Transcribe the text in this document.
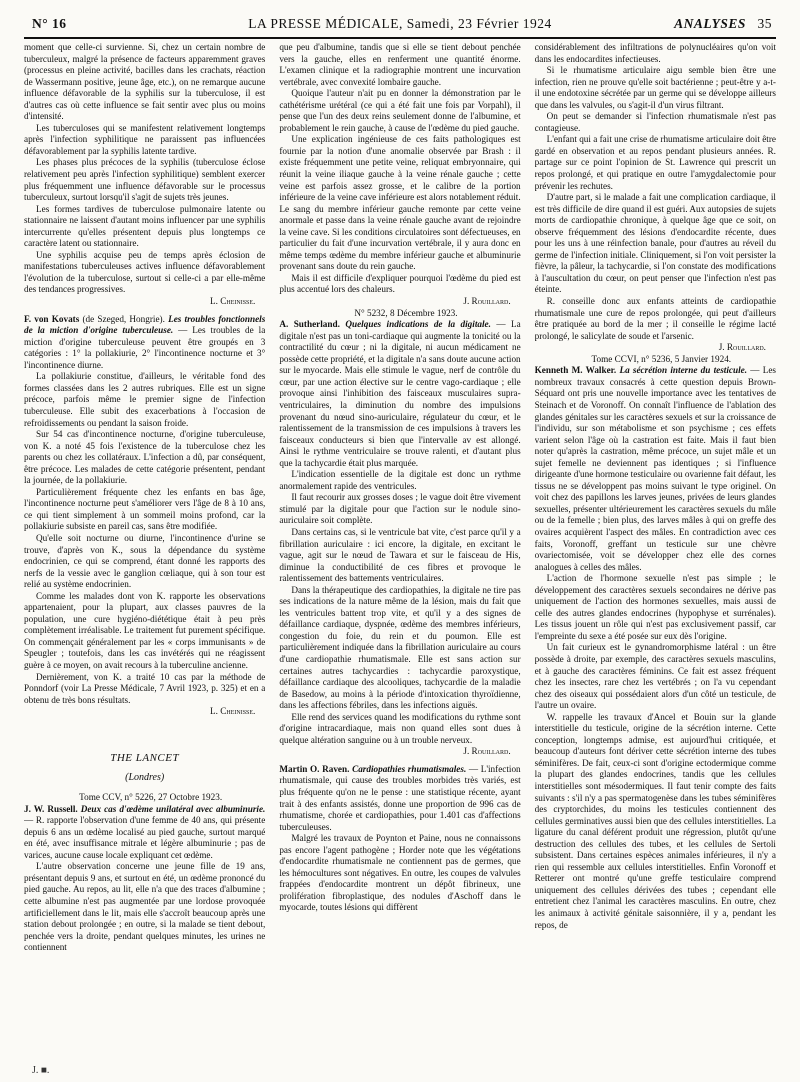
N° 16	LA PRESSE MÉDICALE, Samedi, 23 Février 1924	ANALYSES 35

moment que celle-ci survienne. Si, chez un certain nombre de tuberculeux, malgré la présence de facteurs apparemment graves (processus en pleine activité, bacilles dans les crachats, réaction de Wassermann positive, jeune âge, etc.), on ne remarque aucune influence défavorable de la syphilis sur la tuberculose, il est d'autres cas où cette influence se fait sentir avec plus ou moins d'intensité.

Les tuberculoses qui se manifestent relativement longtemps après l'infection syphilitique ne paraissent pas influencées défavorablement par la syphilis latente tardive.

Les phases plus précoces de la syphilis (tuberculose éclose relativement peu après l'infection syphilitique) semblent exercer plus fréquemment une influence défavorable sur le processus tuberculeux, surtout lorsqu'il s'agit de sujets très jeunes.

Les formes tardives de tuberculose pulmonaire latente ou stationnaire ne laissent d'autant moins influencer par une syphilis intercurrente qu'elles présentent depuis plus longtemps ce caractère latent ou stationnaire.

Une syphilis acquise peu de temps après éclosion de manifestations tuberculeuses actives influence défavorablement l'évolution de la tuberculose, surtout si celle-ci a par elle-même des tendances progressives.

L. Cheinisse.

F. von Kovats (de Szeged, Hongrie). Les troubles fonctionnels de la miction d'origine tuberculeuse. — Les troubles de la miction d'origine tuberculeuse peuvent être groupés en 3 catégories : 1° la pollakiurie, 2° l'incontinence nocturne et 3° l'incontinence diurne.

La pollakiurie constitue, d'ailleurs, le véritable fond des formes classées dans les 2 autres rubriques. Elle est un signe précoce, parfois même le premier signe de l'infection tuberculeuse. Elle subit des exacerbations à l'occasion de refroidissements ou pendant la saison froide.

Sur 54 cas d'incontinence nocturne, d'origine tuberculeuse, von K. a noté 45 fois l'existence de la tuberculose chez les parents ou chez les collatéraux. L'infection a dû, par conséquent, être précoce. Les malades de cette catégorie présentent, pendant la journée, de la pollakiurie.

Particulièrement fréquente chez les enfants en bas âge, l'incontinence nocturne peut s'améliorer vers l'âge de 8 à 10 ans, ce qui tient simplement à un sommeil moins profond, car la pollakiurie subsiste en pareil cas, sans être modifiée.

Qu'elle soit nocturne ou diurne, l'incontinence d'urine se trouve, d'après von K., sous la dépendance du système endocrinien, ce qui se comprend, étant donné les rapports des nerfs de la vessie avec le ganglion cœliaque, qui à son tour est relié au système endocrinien.

Comme les malades dont von K. rapporte les observations appartenaient, pour la plupart, aux classes pauvres de la population, une cure hygiéno-diététique était à peu près complètement irréalisable. Le traitement fut purement spécifique. On commençait généralement par les « corps immunisants » de Speugler ; toutefois, dans les cas invétérés qui ne réagissent guère à ce moyen, on avait recours à la tuberculine ancienne.

Dernièrement, von K. a traité 10 cas par la méthode de Ponndorf (voir La Presse Médicale, 7 Avril 1923, p. 325) et en a obtenu de très bons résultats.

L. Cheinisse.

THE LANCET
(Londres)

Tome CCV, n° 5226, 27 Octobre 1923.

J. W. Russell. Deux cas d'œdème unilatéral avec albuminurie. — R. rapporte l'observation d'une femme de 40 ans, qui présente depuis 6 ans un œdème localisé au pied gauche, surtout marqué en été, avec insuffisance mitrale et légère albuminurie ; pas de varices, aucune cause locale expliquant cet œdème.

L'autre observation concerne une jeune fille de 19 ans, présentant depuis 9 ans, et surtout en été, un œdème prononcé du pied gauche. Au repos, au lit, elle n'a que des traces d'albumine ; cette albumine n'est pas augmentée par une lordose provoquée artificiellement dans le lit, mais elle s'accroît beaucoup après une station debout prolongée ; en outre, si la malade se tient debout, penchée vers la droite, pendant quelques minutes, les urines ne contiennent

que peu d'albumine, tandis que si elle se tient debout penchée vers la gauche, elles en renferment une quantité énorme. L'examen clinique et la radiographie montrent une incurvation vertébrale, avec convexité lombaire gauche.

Quoique l'auteur n'ait pu en donner la démonstration par le cathétérisme urétéral (ce qui a été fait une fois par Vorpahl), il pense que l'un des deux reins seulement donne de l'albumine, et probablement le rein gauche, à cause de l'œdème du pied gauche.

Une explication ingénieuse de ces faits pathologiques est fournie par la notion d'une anomalie observée par Brash : il existe fréquemment une petite veine, reliquat embryonnaire, qui réunit la veine iliaque gauche à la veine rénale gauche ; cette veine est parfois assez grosse, et le calibre de la portion inférieure de la veine cave inférieure est alors notablement réduit. Le sang du membre inférieur gauche remonte par cette veine anormale et passe dans la veine rénale gauche avant de rejoindre la veine cave. Si les conditions circulatoires sont défectueuses, en particulier du fait d'une incurvation vertébrale, il y aura donc en même temps œdème du membre inférieur gauche et albuminurie provenant sans doute du rein gauche.

Mais il est difficile d'expliquer pourquoi l'œdème du pied est plus accentué lors des chaleurs.

J. Rouillard.

N° 5232, 8 Décembre 1923.

A. Sutherland. Quelques indications de la digitale. — La digitale n'est pas un toni-cardiaque qui augmente la tonicité ou la contractilité du cœur ; ni la digitale, ni aucun médicament ne possède cette propriété, et la digitale n'a sans doute aucune action sur le myocarde. Mais elle stimule le vague, nerf de contrôle du cœur, par une action élective sur le centre vago-cardiaque ; elle provoque ainsi l'inhibition des faisceaux musculaires supra-ventriculaires, la diminution du nombre des impulsions provenant du nœud sino-auriculaire, régulateur du cœur, et le ralentissement de la transmission de ces impulsions à travers les faisceaux conducteurs si bien que l'intervalle av est allongé. Ainsi le rythme ventriculaire se trouve ralenti, et d'autant plus que la tachycardie était plus marquée.

L'indication essentielle de la digitale est donc un rythme anormalement rapide des ventricules.

Il faut recourir aux grosses doses ; le vague doit être vivement stimulé par la digitale pour que l'action sur le nodule sino-auriculaire soit complète.

Dans certains cas, si le ventricule bat vite, c'est parce qu'il y a fibrillation auriculaire : ici encore, la digitale, en excitant le vague, agit sur le nœud de Tawara et sur le faisceau de His, diminue la conductibilité de ces fibres et provoque le ralentissement des battements ventriculaires.

Dans la thérapeutique des cardiopathies, la digitale ne tire pas ses indications de la nature même de la lésion, mais du fait que les ventricules battent trop vite, et qu'il y a des signes de défaillance cardiaque, dyspnée, œdème des membres inférieurs, congestion du foie, du rein et du poumon. Elle est particulièrement indiquée dans la fibrillation auriculaire au cours d'une cardiopathie rhumatismale. Elle est sans action sur certaines autres tachycardies : tachycardie paroxystique, défaillance cardiaque des alcooliques, tachycardie de la maladie de Basedow, au moins à la période d'intoxication thyroïdienne, dans les affections fébriles, dans les infections aiguës.

Elle rend des services quand les modifications du rythme sont d'origine intracardiaque, mais non quand elles sont dues à quelque altération sanguine ou à un trouble nerveux.

J. Rouillard.

Martin O. Raven. Cardiopathies rhumatismales. — L'infection rhumatismale, qui cause des troubles morbides très variés, est plus fréquente qu'on ne le pense : une statistique récente, ayant trait à des enfants assistés, donne une proportion de 996 cas de rhumatisme, chorée et cardiopathies, pour 1.401 cas d'affections tuberculeuses.

Malgré les travaux de Poynton et Paine, nous ne connaissons pas encore l'agent pathogène ; Horder note que les végétations d'endocardite rhumatismale ne contiennent pas de germes, que les hémocultures sont négatives. En outre, les coupes de valvules frappées d'endocardite montrent un dépôt fibrineux, une prolifération fibroplastique, des nodules d'Aschoff dans le myocarde, toutes lésions qui diffèrent

considérablement des infiltrations de polynucléaires qu'on voit dans les endocardites infectieuses.

Si le rhumatisme articulaire aigu semble bien être une infection, rien ne prouve qu'elle soit bactérienne ; peut-être y a-t-il une endotoxine sécrétée par un germe qui se développe ailleurs que dans les valvules, ou s'agit-il d'un virus filtrant.

On peut se demander si l'infection rhumatismale n'est pas contagieuse.

L'enfant qui a fait une crise de rhumatisme articulaire doit être gardé en observation et au repos pendant plusieurs années. R. partage sur ce point l'opinion de St. Lawrence qui prescrit un repos prolongé, et qui pratique en outre l'amygdalectomie pour prévenir les rechutes.

D'autre part, si le malade a fait une complication cardiaque, il est très difficile de dire quand il est guéri. Aux autopsies de sujets morts de cardiopathie chronique, à quelque âge que ce soit, on observe fréquemment des lésions d'endocardite récente, dues pour les uns à une réinfection banale, pour d'autres au réveil du germe de l'infection initiale. Cliniquement, si l'on voit persister la fièvre, la pâleur, la tachycardie, si l'on constate des modifications à l'auscultation du cœur, on peut penser que l'infection n'est pas éteinte.

R. conseille donc aux enfants atteints de cardiopathie rhumatismale une cure de repos prolongée, qui peut d'ailleurs être pratiquée au bord de la mer ; il conseille le régime lacté prolongé, le salicylate de soude et l'arsenic.

J. Rouillard.

Tome CCVI, n° 5236, 5 Janvier 1924.

Kenneth M. Walker. La sécrétion interne du testicule. — Les nombreux travaux consacrés à cette question depuis Brown-Séquard ont pris une nouvelle importance avec les tentatives de Steinach et de Voronoff. On connaît l'influence de l'ablation des glandes génitales sur les caractères sexuels et sur la croissance de l'individu, sur son métabolisme et son psychisme ; ces effets varient selon l'âge où la castration est faite. Mais il faut bien noter qu'après la castration, même précoce, un sujet mâle et un sujet femelle ne deviennent pas identiques ; si l'influence dirigeante d'une hormone testiculaire ou ovarienne fait défaut, les tissus ne se développent pas moins suivant le type originel. On voit chez des papillons les larves jeunes, privées de leurs glandes sexuelles, présenter ultérieurement les caractères sexuels du mâle ou de la femelle ; bien plus, des larves mâles à qui on greffe des ovaires acquièrent l'aspect des mâles. En contradiction avec ces faits, Voronoff, greffant un testicule sur une chèvre ovariectomisée, voit se développer chez elle des cornes analogues à celles des mâles.

L'action de l'hormone sexuelle n'est pas simple ; le développement des caractères sexuels secondaires ne dérive pas uniquement de l'action des hormones sexuelles, mais aussi de celle des autres glandes endocrines (hypophyse et surrénales). Les tissus jouent un rôle qui n'est pas exclusivement passif, car l'empreinte du sexe a été posée sur eux dès l'origine.

Un fait curieux est le gynandromorphisme latéral : un être possède à droite, par exemple, des caractères sexuels masculins, et à gauche des caractères féminins. Ce fait est assez fréquent chez les insectes, rare chez les vertébrés ; on l'a vu cependant chez des oiseaux qui possédaient alors d'un côté un testicule, de l'autre un ovaire.

W. rappelle les travaux d'Ancel et Bouin sur la glande interstitielle du testicule, origine de la sécrétion interne. Cette conception, longtemps admise, est aujourd'hui critiquée, et beaucoup d'auteurs font dériver cette sécrétion interne des tubes séminifères. De fait, ceux-ci sont d'origine ectodermique comme la plupart des glandes endocrines, tandis que les cellules interstitielles sont mésodermiques. Il faut tenir compte des faits suivants : s'il n'y a pas spermatogenèse dans les tubes séminifères des cryptorchides, du moins les testicules contiennent des cellules germinatives aussi bien que des cellules interstitielles. La ligature du canal déférent produit une régression, plutôt qu'une destruction des cellules des tubes, et les cellules de Sertoli subsistent. Dans certaines espèces animales inférieures, il n'y a rien qui ressemble aux cellules interstitielles. Enfin Voronoff et Retterer ont montré qu'une greffe testiculaire comprend uniquement des cellules dérivées des tubes ; cependant elle entretient chez l'animal les caractères masculins. En outre, chez les animaux à activité génitale saisonnière, il y a, pendant les repos, de

J. ■.
